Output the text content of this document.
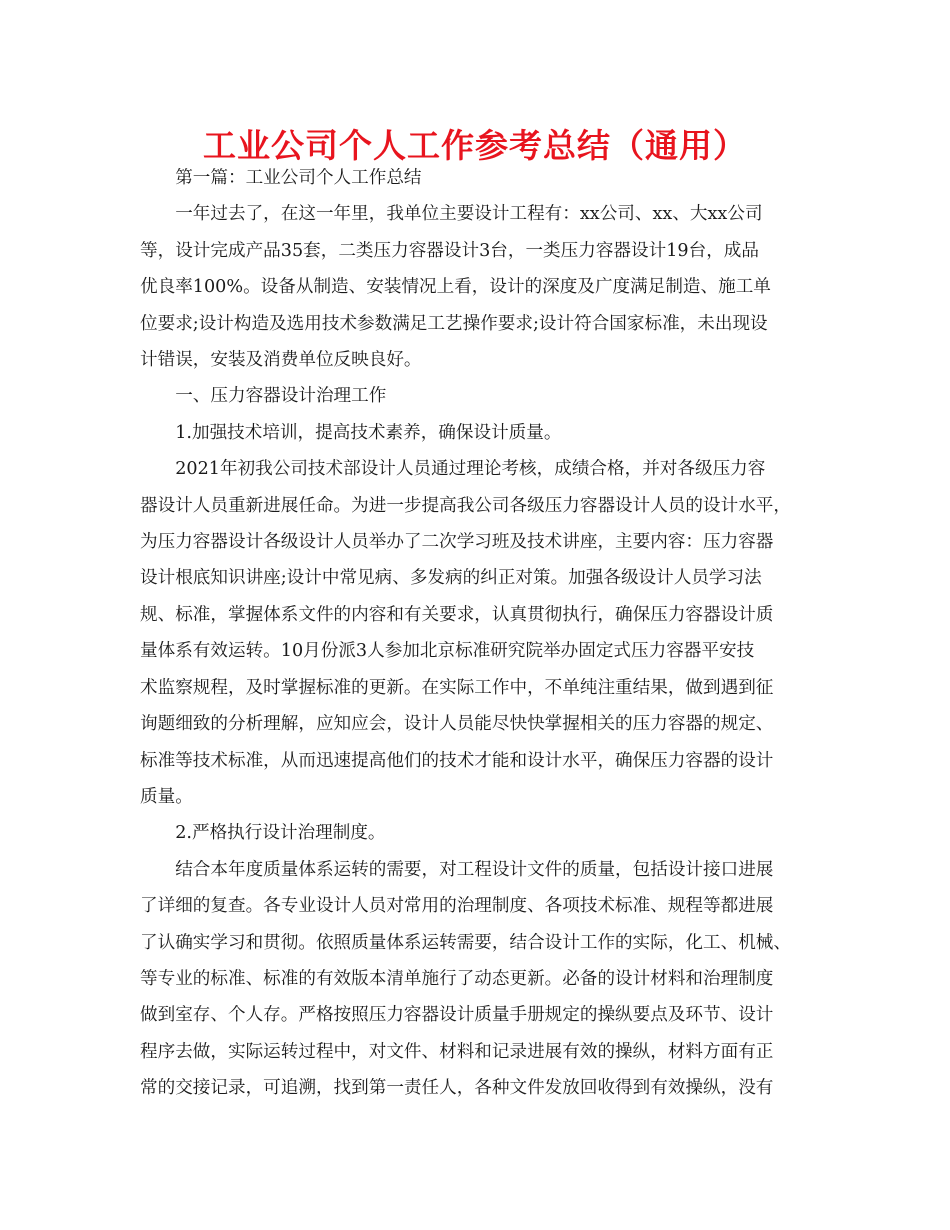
工业公司个人工作参考总结（通用）

第一篇：工业公司个人工作总结

一年过去了，在这一年里，我单位主要设计工程有：xx公司、xx、大xx公司
等，设计完成产品35套，二类压力容器设计3台，一类压力容器设计19台，成品
优良率100%。设备从制造、安装情况上看，设计的深度及广度满足制造、施工单
位要求;设计构造及选用技术参数满足工艺操作要求;设计符合国家标准，未出现设
计错误，安装及消费单位反映良好。

一、压力容器设计治理工作

1.加强技术培训，提高技术素养，确保设计质量。

2021年初我公司技术部设计人员通过理论考核，成绩合格，并对各级压力容
器设计人员重新进展任命。为进一步提高我公司各级压力容器设计人员的设计水平，
为压力容器设计各级设计人员举办了二次学习班及技术讲座，主要内容：压力容器
设计根底知识讲座;设计中常见病、多发病的纠正对策。加强各级设计人员学习法
规、标准，掌握体系文件的内容和有关要求，认真贯彻执行，确保压力容器设计质
量体系有效运转。10月份派3人参加北京标准研究院举办固定式压力容器平安技
术监察规程，及时掌握标准的更新。在实际工作中，不单纯注重结果，做到遇到征
询题细致的分析理解，应知应会，设计人员能尽快快掌握相关的压力容器的规定、
标准等技术标准，从而迅速提高他们的技术才能和设计水平，确保压力容器的设计
质量。

2.严格执行设计治理制度。

结合本年度质量体系运转的需要，对工程设计文件的质量，包括设计接口进展
了详细的复查。各专业设计人员对常用的治理制度、各项技术标准、规程等都进展
了认确实学习和贯彻。依照质量体系运转需要，结合设计工作的实际，化工、机械、
等专业的标准、标准的有效版本清单施行了动态更新。必备的设计材料和治理制度
做到室存、个人存。严格按照压力容器设计质量手册规定的操纵要点及环节、设计
程序去做，实际运转过程中，对文件、材料和记录进展有效的操纵，材料方面有正
常的交接记录，可追溯，找到第一责任人，各种文件发放回收得到有效操纵，没有
